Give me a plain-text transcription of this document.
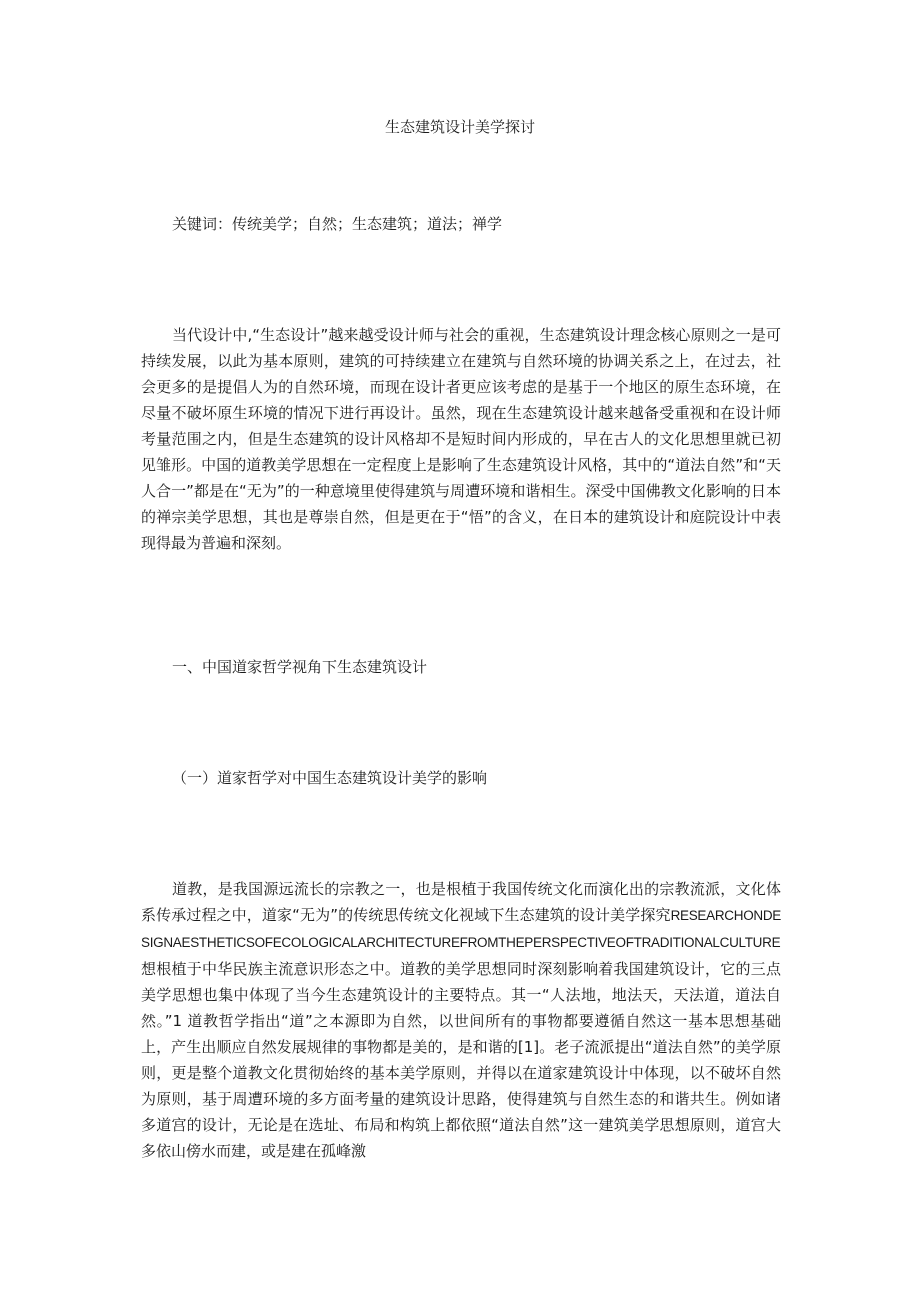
生态建筑设计美学探讨

关键词：传统美学；自然；生态建筑；道法；禅学

当代设计中,“生态设计”越来越受设计师与社会的重视，生态建筑设计理念核心原则之一是可持续发展，以此为基本原则，建筑的可持续建立在建筑与自然环境的协调关系之上，在过去，社会更多的是提倡人为的自然环境，而现在设计者更应该考虑的是基于一个地区的原生态环境，在尽量不破坏原生环境的情况下进行再设计。虽然，现在生态建筑设计越来越备受重视和在设计师考量范围之内，但是生态建筑的设计风格却不是短时间内形成的，早在古人的文化思想里就已初见雏形。中国的道教美学思想在一定程度上是影响了生态建筑设计风格，其中的“道法自然”和“天人合一”都是在“无为”的一种意境里使得建筑与周遭环境和谐相生。深受中国佛教文化影响的日本的禅宗美学思想，其也是尊崇自然，但是更在于“悟”的含义，在日本的建筑设计和庭院设计中表现得最为普遍和深刻。

一、中国道家哲学视角下生态建筑设计
（一）道家哲学对中国生态建筑设计美学的影响

道教，是我国源远流长的宗教之一，也是根植于我国传统文化而演化出的宗教流派，文化体系传承过程之中，道家“无为”的传统思传统文化视域下生态建筑的设计美学探究RESEARCHONDESIGNAESTHETICSOFECOLOGICALARCHITECTUREFROMTHEPERSPECTIVEOFTRADITIONALCULTURE 想根植于中华民族主流意识形态之中。道教的美学思想同时深刻影响着我国建筑设计，它的三点美学思想也集中体现了当今生态建筑设计的主要特点。其一“人法地，地法天，天法道，道法自然。”1 道教哲学指出“道”之本源即为自然，以世间所有的事物都要遵循自然这一基本思想基础上，产生出顺应自然发展规律的事物都是美的，是和谐的[1]。老子流派提出“道法自然”的美学原则，更是整个道教文化贯彻始终的基本美学原则，并得以在道家建筑设计中体现，以不破坏自然为原则，基于周遭环境的多方面考量的建筑设计思路，使得建筑与自然生态的和谐共生。例如诸多道宫的设计，无论是在选址、布局和构筑上都依照“道法自然”这一建筑美学思想原则，道宫大多依山傍水而建，或是建在孤峰激
